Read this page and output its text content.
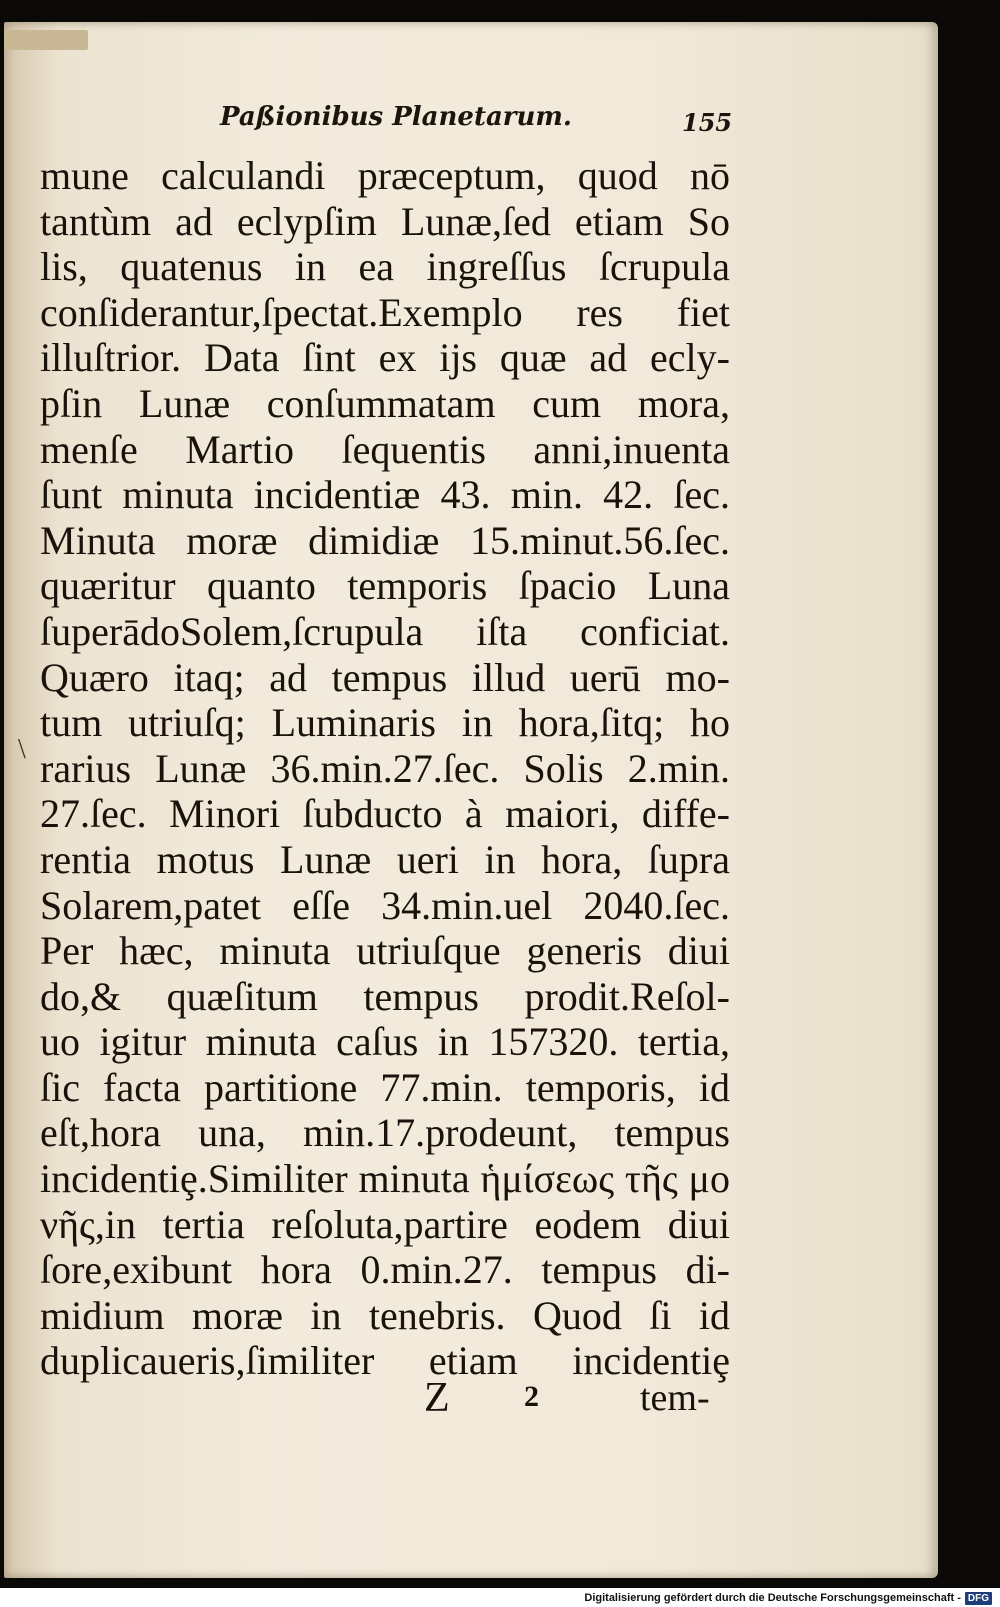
Paßionibus Planetarum.	155
\
mune calculandi præceptum, quod nō
tantùm ad eclypſim Lunæ,ſed etiam So
lis, quatenus in ea ingreſſus ſcrupula
conſiderantur,ſpectat.Exemplo res fiet
illuſtrior. Data ſint ex ijs quæ ad ecly-
pſin Lunæ conſummatam cum mora,
menſe Martio ſequentis anni,inuenta
ſunt minuta incidentiæ 43. min. 42. ſec.
Minuta moræ dimidiæ 15.minut.56.ſec.
quæritur quanto temporis ſpacio Luna
ſuperādoSolem,ſcrupula iſta conficiat.
Quæro itaq; ad tempus illud uerū mo-
tum utriuſq; Luminaris in hora,ſitq; ho
rarius Lunæ 36.min.27.ſec. Solis 2.min.
27.ſec. Minori ſubducto à maiori, diffe-
rentia motus Lunæ ueri in hora, ſupra
Solarem,patet eſſe 34.min.uel 2040.ſec.
Per hæc, minuta utriuſque generis diui
do,& quæſitum tempus prodit.Reſol-
uo igitur minuta caſus in 157320. tertia,
ſic facta partitione 77.min. temporis, id
eſt,hora una, min.17.prodeunt, tempus
incidentiȩ.Similiter minuta ἡμίσεως τῆς μο
νῆς,in tertia reſoluta,partire eodem diui
ſore,exibunt hora 0.min.27. tempus di-
midium moræ in tenebris. Quod ſi id
duplicaueris,ſimiliter etiam incidentiȩ
Z 2	tem-
Digitalisierung gefördert durch die Deutsche Forschungsgemeinschaft - DFG
